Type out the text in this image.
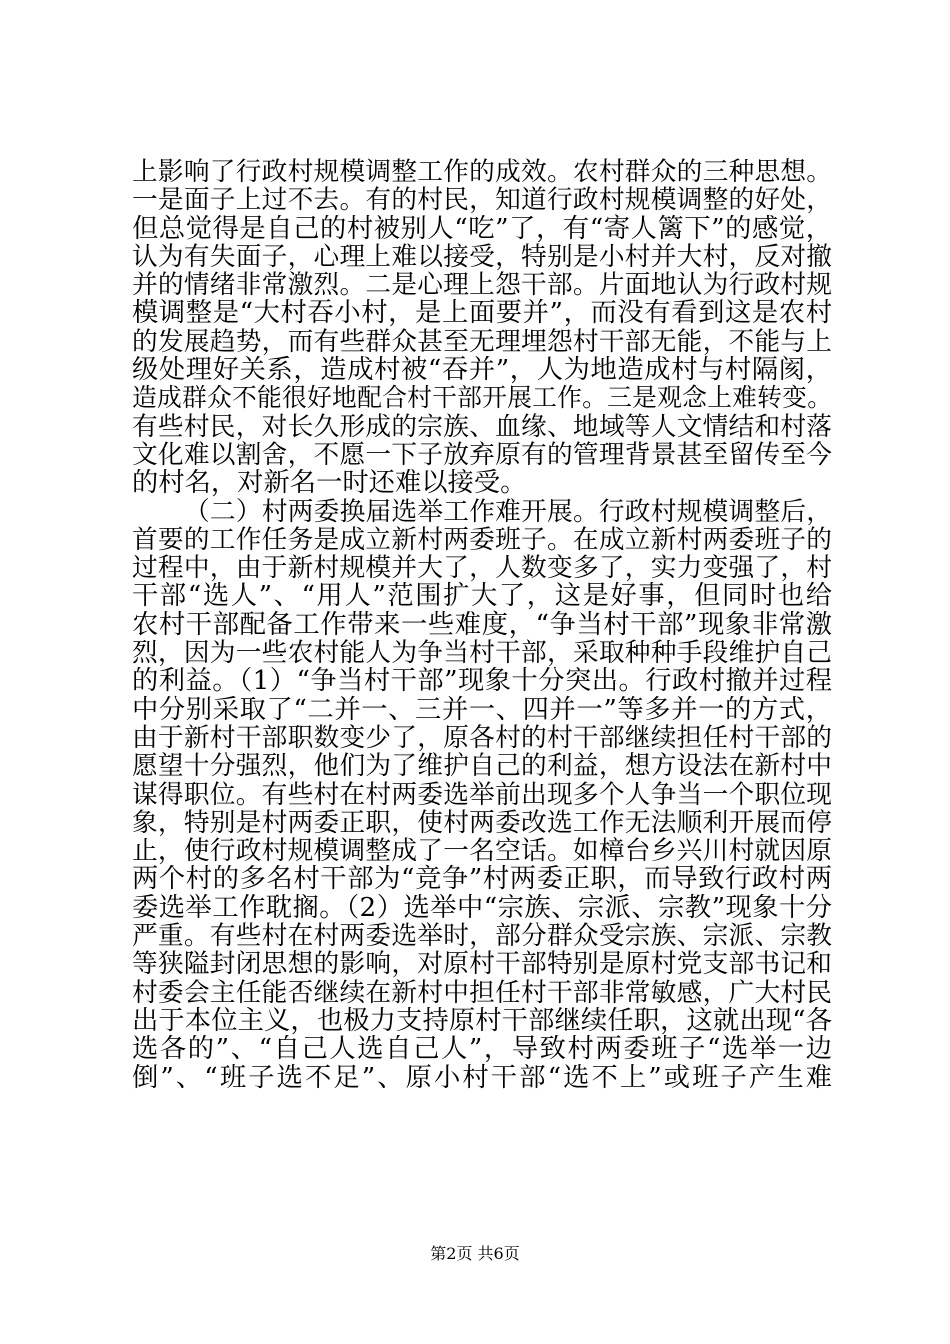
上影响了行政村规模调整工作的成效。农村群众的三种思想。
一是面子上过不去。有的村民，知道行政村规模调整的好处，
但总觉得是自己的村被别人“吃”了，有“寄人篱下”的感觉，
认为有失面子，心理上难以接受，特别是小村并大村，反对撤
并的情绪非常激烈。二是心理上怨干部。片面地认为行政村规
模调整是“大村吞小村，是上面要并”，而没有看到这是农村
的发展趋势，而有些群众甚至无理埋怨村干部无能，不能与上
级处理好关系，造成村被“吞并”，人为地造成村与村隔阂，
造成群众不能很好地配合村干部开展工作。三是观念上难转变。
有些村民，对长久形成的宗族、血缘、地域等人文情结和村落
文化难以割舍，不愿一下子放弃原有的管理背景甚至留传至今
的村名，对新名一时还难以接受。
（二）村两委换届选举工作难开展。行政村规模调整后，
首要的工作任务是成立新村两委班子。在成立新村两委班子的
过程中，由于新村规模并大了，人数变多了，实力变强了，村
干部“选人”、“用人”范围扩大了，这是好事，但同时也给
农村干部配备工作带来一些难度，“争当村干部”现象非常激
烈，因为一些农村能人为争当村干部，采取种种手段维护自己
的利益。（1）“争当村干部”现象十分突出。行政村撤并过程
中分别采取了“二并一、三并一、四并一”等多并一的方式，
由于新村干部职数变少了，原各村的村干部继续担任村干部的
愿望十分强烈，他们为了维护自己的利益，想方设法在新村中
谋得职位。有些村在村两委选举前出现多个人争当一个职位现
象，特别是村两委正职，使村两委改选工作无法顺利开展而停
止，使行政村规模调整成了一名空话。如樟台乡兴川村就因原
两个村的多名村干部为“竞争”村两委正职，而导致行政村两
委选举工作耽搁。（2）选举中“宗族、宗派、宗教”现象十分
严重。有些村在村两委选举时，部分群众受宗族、宗派、宗教
等狭隘封闭思想的影响，对原村干部特别是原村党支部书记和
村委会主任能否继续在新村中担任村干部非常敏感，广大村民
出于本位主义，也极力支持原村干部继续任职，这就出现“各
选各的”、“自己人选自己人”，导致村两委班子“选举一边
倒”、“班子选不足”、原小村干部“选不上”或班子产生难
第2页 共6页
